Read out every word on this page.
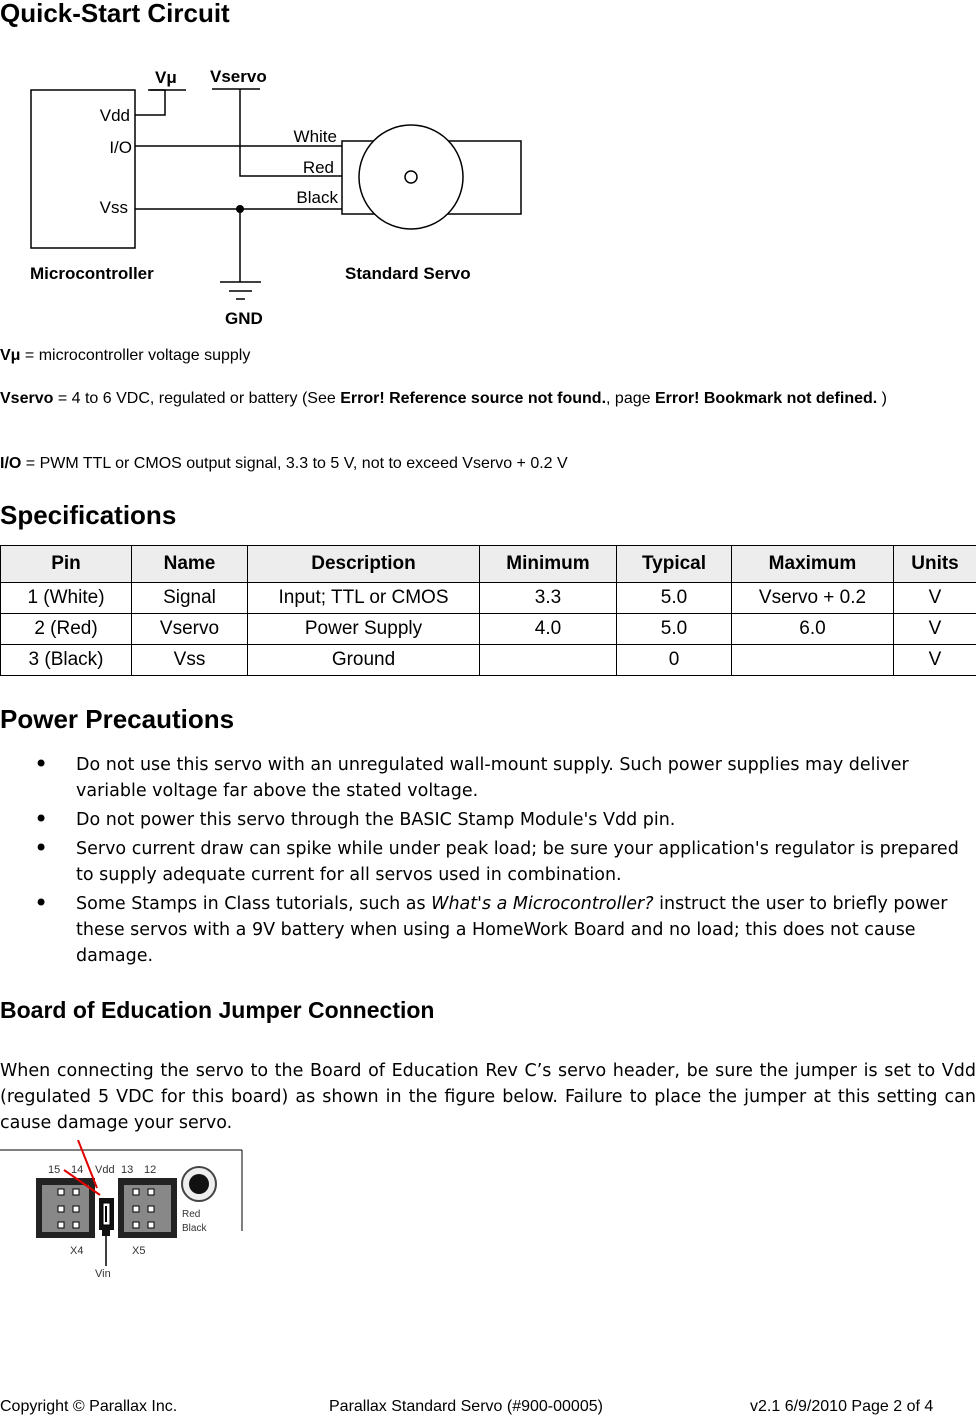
Quick-Start Circuit
Vμ Vservo
Vdd
I/O
Vss
White
Red
Black
Microcontroller	Standard Servo
GND

Vμ = microcontroller voltage supply

Vservo = 4 to 6 VDC, regulated or battery (See Error! Reference source not found., page Error! Bookmark not defined. )

I/O = PWM TTL or CMOS output signal, 3.3 to 5 V, not to exceed Vservo + 0.2 V

Specifications
Pin	Name	Description	Minimum	Typical	Maximum	Units
1 (White)	Signal	Input; TTL or CMOS	3.3	5.0	Vservo + 0.2	V
2 (Red)	Vservo	Power Supply	4.0	5.0	6.0	V
3 (Black)	Vss	Ground		0		V
Power Precautions
• Do not use this servo with an unregulated wall-mount supply. Such power supplies may deliver variable voltage far above the stated voltage.
• Do not power this servo through the BASIC Stamp Module's Vdd pin.
• Servo current draw can spike while under peak load; be sure your application's regulator is prepared to supply adequate current for all servos used in combination.
• Some Stamps in Class tutorials, such as What's a Microcontroller? instruct the user to briefly power these servos with a 9V battery when using a HomeWork Board and no load; this does not cause damage.
Board of Education Jumper Connection

When connecting the servo to the Board of Education Rev C’s servo header, be sure the jumper is set to Vdd (regulated 5 VDC for this board) as shown in the figure below. Failure to place the jumper at this setting can cause damage your servo.

15 14 Vdd 13 12
X4	X5
Vin
Red
Black
Copyright © Parallax Inc.	Parallax Standard Servo (#900-00005)	v2.1 6/9/2010 Page 2 of 4
